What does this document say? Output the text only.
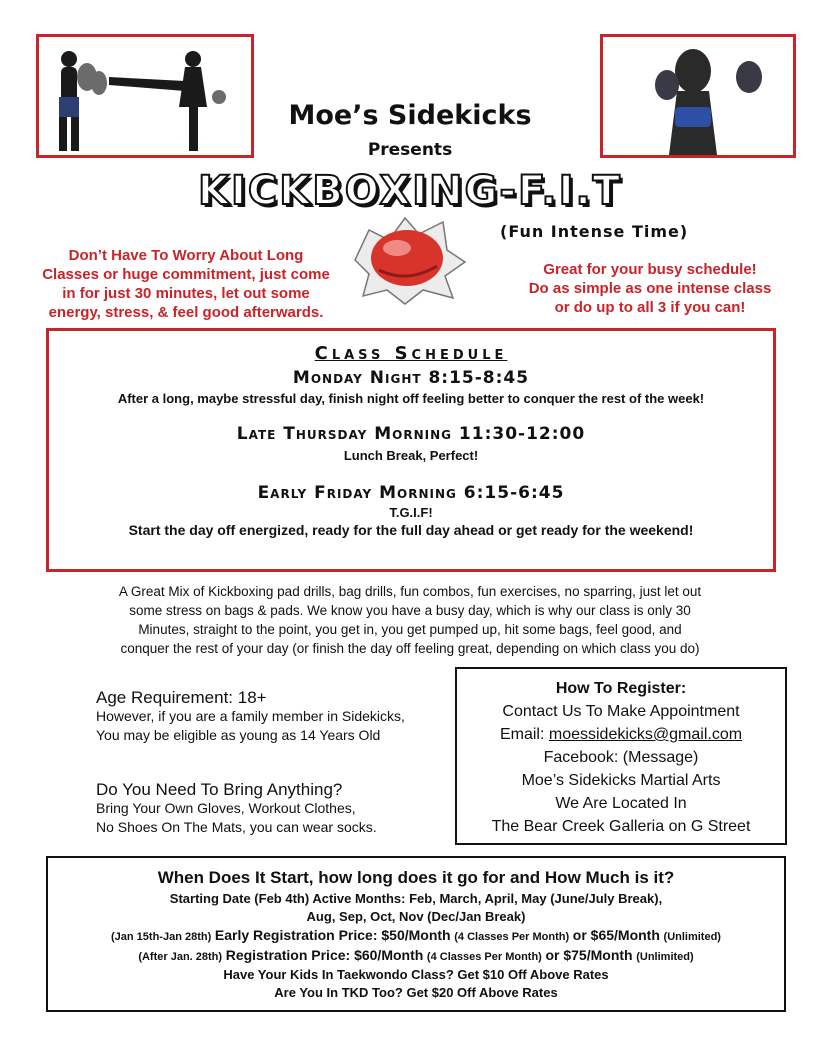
Moe’s Sidekicks
Presents
KICKBOXING-F.I.T
(Fun Intense Time)
Don’t Have To Worry About Long
Classes or huge commitment, just come
in for just 30 minutes, let out some
energy, stress, & feel good afterwards.
Great for your busy schedule!
Do as simple as one intense class
or do up to all 3 if you can!
Class Schedule
Monday Night 8:15-8:45
After a long, maybe stressful day, finish night off feeling better to conquer the rest of the week!
Late Thursday Morning 11:30-12:00
Lunch Break, Perfect!
Early Friday Morning 6:15-6:45
T.G.I.F!
Start the day off energized, ready for the full day ahead or get ready for the weekend!
A Great Mix of Kickboxing pad drills, bag drills, fun combos, fun exercises, no sparring, just let out
some stress on bags & pads. We know you have a busy day, which is why our class is only 30
Minutes, straight to the point, you get in, you get pumped up, hit some bags, feel good, and
conquer the rest of your day (or finish the day off feeling great, depending on which class you do)
Age Requirement: 18+
However, if you are a family member in Sidekicks,
You may be eligible as young as 14 Years Old
Do You Need To Bring Anything?
Bring Your Own Gloves, Workout Clothes,
No Shoes On The Mats, you can wear socks.
How To Register:
Contact Us To Make Appointment
Email: moessidekicks@gmail.com
Facebook: (Message)
Moe’s Sidekicks Martial Arts
We Are Located In
The Bear Creek Galleria on G Street
When Does It Start, how long does it go for and How Much is it?
Starting Date (Feb 4th) Active Months: Feb, March, April, May (June/July Break),
Aug, Sep, Oct, Nov (Dec/Jan Break)
(Jan 15th-Jan 28th) Early Registration Price: $50/Month (4 Classes Per Month) or $65/Month (Unlimited)
(After Jan. 28th) Registration Price: $60/Month (4 Classes Per Month) or $75/Month (Unlimited)
Have Your Kids In Taekwondo Class? Get $10 Off Above Rates
Are You In TKD Too? Get $20 Off Above Rates
